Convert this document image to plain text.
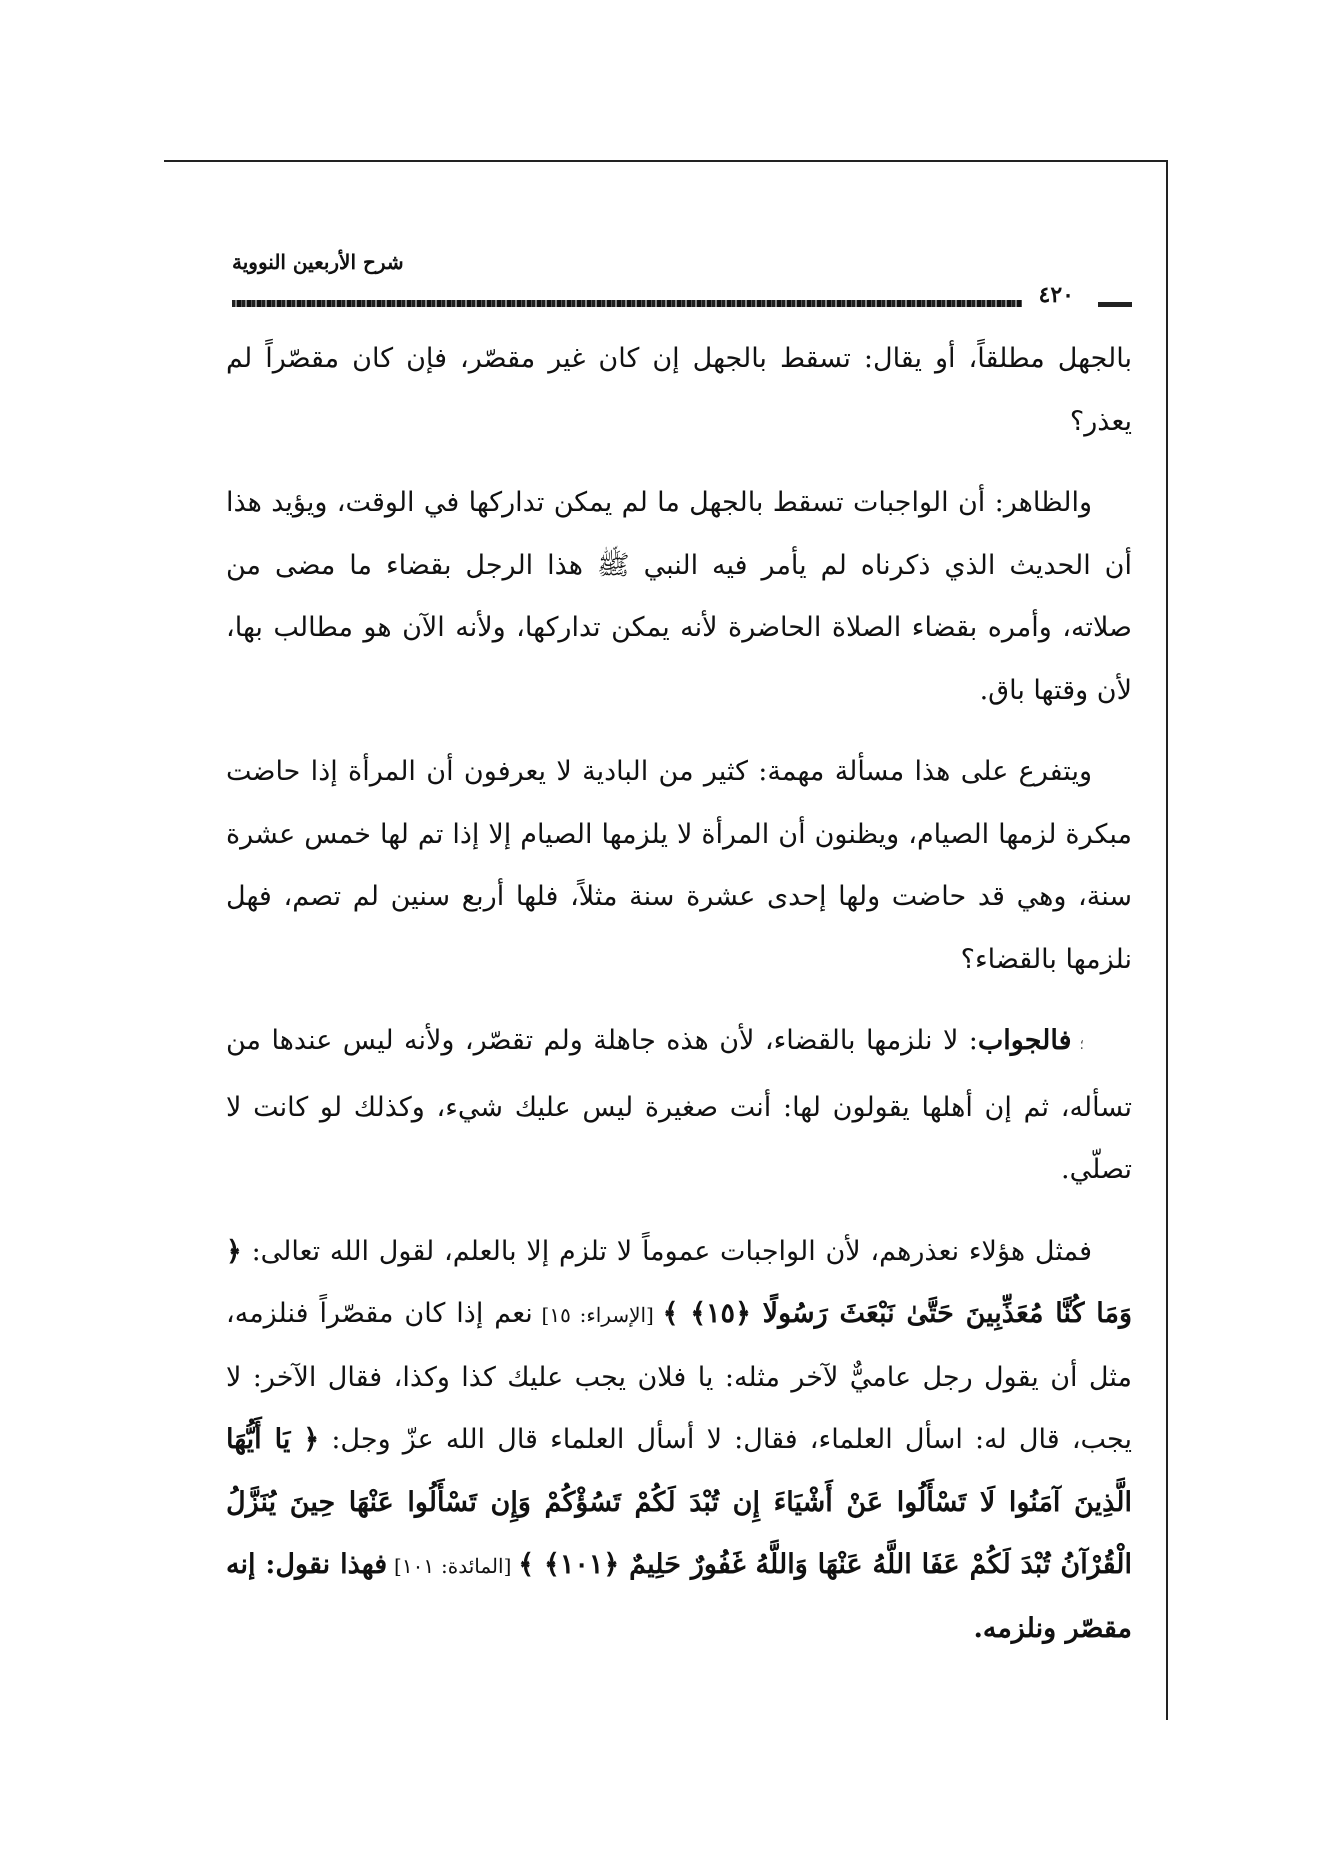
شرح الأربعين النووية
٤٢٠

بالجهل مطلقاً، أو يقال: تسقط بالجهل إن كان غير مقصّر، فإن كان مقصّراً لم يعذر؟

والظاهر: أن الواجبات تسقط بالجهل ما لم يمكن تداركها في الوقت، ويؤيد هذا أن الحديث الذي ذكرناه لم يأمر فيه النبي ﷺ هذا الرجل بقضاء ما مضى من صلاته، وأمره بقضاء الصلاة الحاضرة لأنه يمكن تداركها، ولأنه الآن هو مطالب بها، لأن وقتها باق.

ويتفرع على هذا مسألة مهمة: كثير من البادية لا يعرفون أن المرأة إذا حاضت مبكرة لزمها الصيام، ويظنون أن المرأة لا يلزمها الصيام إلا إذا تم لها خمس عشرة سنة، وهي قد حاضت ولها إحدى عشرة سنة مثلاً، فلها أربع سنين لم تصم، فهل نلزمها بالقضاء؟

؛فالجواب: لا نلزمها بالقضاء، لأن هذه جاهلة ولم تقصّر، ولأنه ليس عندها من تسأله، ثم إن أهلها يقولون لها: أنت صغيرة ليس عليك شيء، وكذلك لو كانت لا تصلّي.

فمثل هؤلاء نعذرهم، لأن الواجبات عموماً لا تلزم إلا بالعلم، لقول الله تعالى: ﴿ وَمَا كُنَّا مُعَذِّبِينَ حَتَّىٰ نَبْعَثَ رَسُولًا ﴿١٥﴾ ﴾ [الإسراء: ١٥] نعم إذا كان مقصّراً فنلزمه، مثل أن يقول رجل عاميٌّ لآخر مثله: يا فلان يجب عليك كذا وكذا، فقال الآخر: لا يجب، قال له: اسأل العلماء، فقال: لا أسأل العلماء قال الله عزّ وجل: ﴿ يَا أَيُّهَا الَّذِينَ آمَنُوا لَا تَسْأَلُوا عَنْ أَشْيَاءَ إِن تُبْدَ لَكُمْ تَسُؤْكُمْ وَإِن تَسْأَلُوا عَنْهَا حِينَ يُنَزَّلُ الْقُرْآنُ تُبْدَ لَكُمْ عَفَا اللَّهُ عَنْهَا وَاللَّهُ غَفُورٌ حَلِيمٌ ﴿١٠١﴾ ﴾ [المائدة: ١٠١] فهذا نقول: إنه مقصّر ونلزمه.
